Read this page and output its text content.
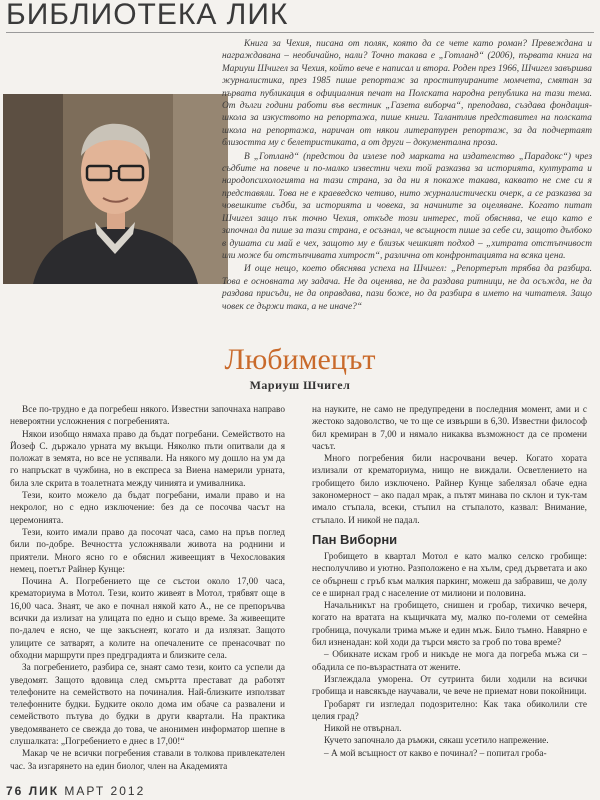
БИБЛИОТЕКА ЛИК

Книга за Чехия, писана от поляк, която да се чете като роман? Превеждана и награждавана – необичайно, нали? Точно такава е „Готланд“ (2006), първата книга на Мариуш Шчигел за Чехия, който вече е написал и втора. Роден през 1966, Шчигел завършва журналистика, през 1985 пише репортаж за проституираните момчета, смятан за първата публикация в официалния печат на Полската народна република на тази тема. От дълги години работи във вестник „Газета виборча“, преподава, създава фондация-школа за изкуството на репортажа, пише книги. Талантлив представител на полската школа на репортажа, наричан от някои литературен репортаж, за да подчертаят близостта му с белетристиката, а от други – документална проза.

В „Готланд“ (предстои да излезе под марката на издателство „Парадокс“) чрез съдбите на повече и по-малко известни чехи той разказва за историята, културата и народопсихологията на тази страна, за да ни я покаже такава, каквато не сме си я представяли. Това не е краеведско четиво, нито журналистически очерк, а се разказва за човешките съдби, за историята и човека, за начините за оцеляване. Когато питат Шчигел защо пък точно Чехия, откъде този интерес, той обяснява, че ещо като е започнал да пише за тази страна, е осъзнал, че всъщност пише за себе си, защото дълбоко в душата си май е чех, защото му е близък чешкият подход – „хитрата отстъпчивост или може би отстъпчивата хитрост“, различна от конфронтацията на всяка цена.

И още нещо, което обяснява успеха на Шчигел: „Репортерът трябва да разбира. Това е основната му задача. Не да оценява, не да раздава ритници, не да осъжда, не да раздава присъди, не да оправдава, пази боже, но да разбира в името на читателя. Защо човек се държи така, а не иначе?“

Любимецът
Мариуш Шчигел

Все по-трудно е да погребеш някого. Известни започнаха направо невероятни усложнения с погребенията.

Някои изобщо нямаха право да бъдат погребани. Семейството на Йозеф С. държало урната му вкъщи. Няколко пъти опитвали да я положат в земята, но все не успявали. На някого му дошло на ум да го напръскат в чужбина, но в експреса за Виена намерили урната, била зле скрита в тоалетната между чинията и умивалника.

Тези, които можело да бъдат погребани, имали право и на некролог, но с едно изключение: без да се посочва часът на церемонията.

Тези, които имали право да посочат часа, само на пръв поглед били по-добре. Вечността усложнявали живота на роднини и приятели. Много ясно го е обяснил живеещият в Чехословакия немец, поетът Райнер Кунце:

Почина А. Погребението ще се състои около 17,00 часа, крематориума в Мотол. Тези, които живеят в Мотол, трябвят още в 16,00 часа. Знаят, че ако е почнал някой като А., не се препоръчва всички да излизат на улицата по едно и също време. За живеещите по-далеч е ясно, че ще закъснеят, когато и да излязат. Защото улиците се затварят, а колите на опечалените се пренасочват по обходни маршрути през предградията и близките села.

За погребението, разбира се, знаят само тези, които са успели да уведомят. Защото вдовица след смъртта престават да работят телефоните на семейството на починалия. Най-близките използват телефонните будки. Будките около дома им обаче са развалени и семейството пътува до будки в други квартали. На практика уведомяването се свежда до това, че анонимен информатор шепне в слушалката: „Погребението е днес в 17,00!“

Макар че не всички погребения ставали в толкова привлекателен час. За изгарянето на един биолог, член на Академията

на науките, не само не предупредени в последния момент, ами и с жестоко задоволство, че то ще се извърши в 6,30. Известни философ бил кремиран в 7,00 и нямало никаква възможност да се промени часът.

Много погребения били насрочвани вечер. Когато хората излизали от крематориума, нищо не виждали. Осветлението на гробището било изключено. Райнер Кунце забелязал обаче една закономерност – ако падал мрак, а пътят минава по склон и тук-там имало стъпала, всеки, стъпил на стъпалото, казвал: Внимание, стъпало. И никой не падал.

Пан Виборни

Гробището в квартал Мотол е като малко селско гробище: несполучливо и уютно. Разположено е на хълм, сред дърветата и ако се обърнеш с гръб към малкия паркинг, можеш да забравиш, че долу се е ширнал град с население от милиони и половина.

Начальникът на гробището, снишен и гробар, тихичко вечеря, когато на вратата на къщичката му, малко по-големи от семейна гробница, почукали трима мъже и един мъж. Било тъмно. Навярно е бил изненадан: кой ходи да търси място за гроб по това време?

– Обикнате искам гроб и никъде не мога да погреба мъжа си – обадила се по-възрастната от жените.

Изглеждала уморена. От сутринта били ходили на всички гробища и навсякъде научавали, че вече не приемат нови покойници.

Гробарят ги изгледал подозрително: Как така обиколили сте целия град?

Никой не отвърнал.

Кучето започнало да ръмжи, сякаш усетило напрежение.

– А мой всъщност от какво е починал? – попитал гроба-

76 ЛИК МАРТ 2012
